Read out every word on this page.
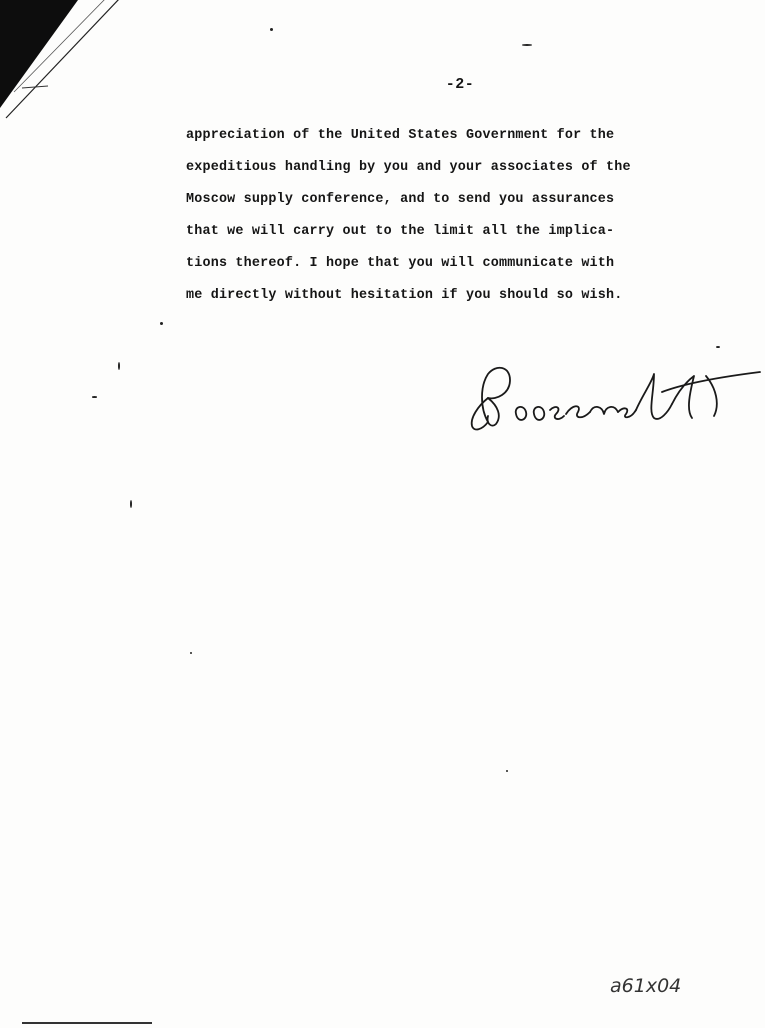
-2-
appreciation of the United States Government for the
expeditious handling by you and your associates of the
Moscow supply conference, and to send you assurances
that we will carry out to the limit all the implica-
tions thereof. I hope that you will communicate with
me directly without hesitation if you should so wish.
a61x04
